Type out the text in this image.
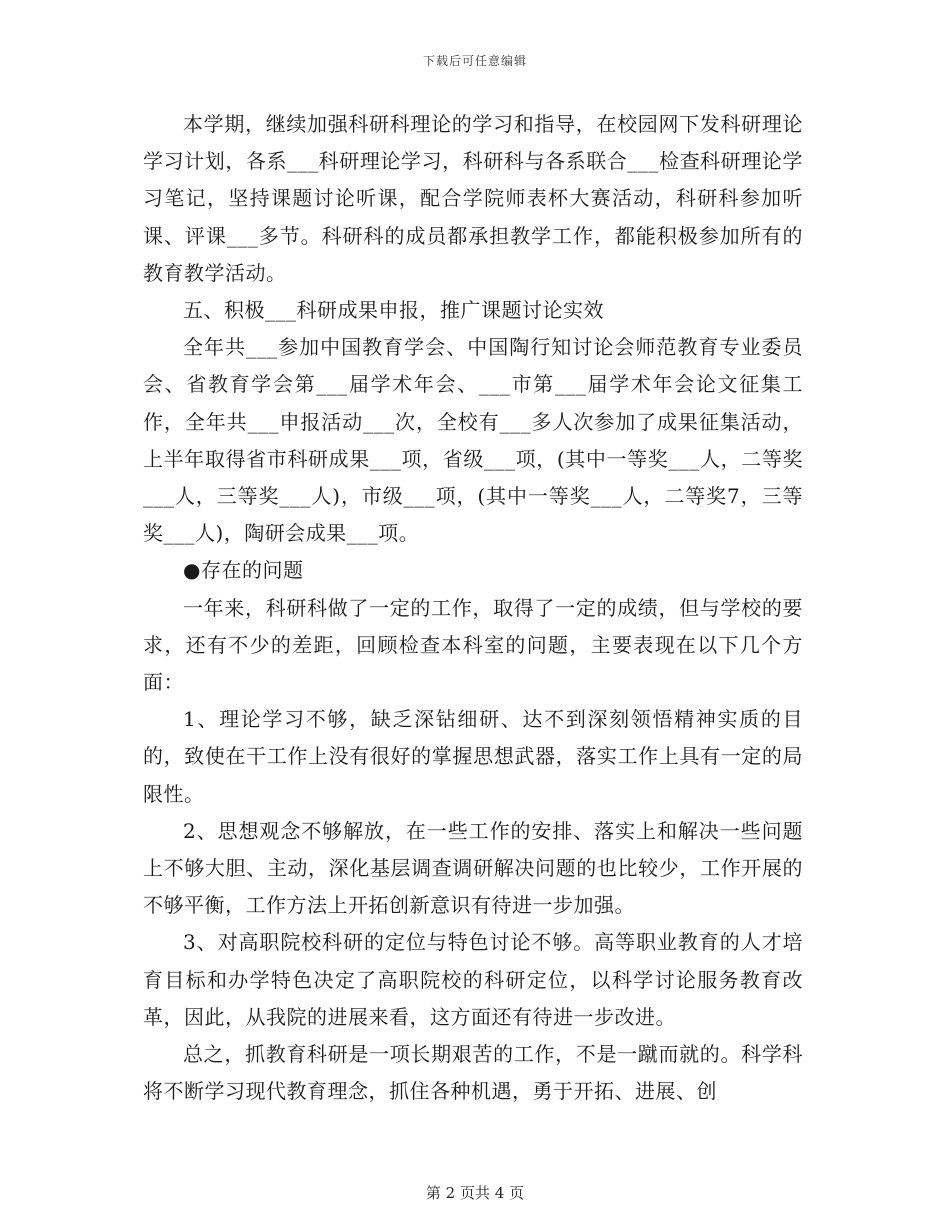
下载后可任意编辑

本学期，继续加强科研科理论的学习和指导，在校园网下发科研理论学习计划，各系___科研理论学习，科研科与各系联合___检查科研理论学习笔记，坚持课题讨论听课，配合学院师表杯大赛活动，科研科参加听课、评课___多节。科研科的成员都承担教学工作，都能积极参加所有的教育教学活动。

五、积极___科研成果申报，推广课题讨论实效

全年共___参加中国教育学会、中国陶行知讨论会师范教育专业委员会、省教育学会第___届学术年会、___市第___届学术年会论文征集工作，全年共___申报活动___次，全校有___多人次参加了成果征集活动，上半年取得省市科研成果___项，省级___项，(其中一等奖___人，二等奖___人，三等奖___人)，市级___项，(其中一等奖___人，二等奖7，三等奖___人)，陶研会成果___项。

●存在的问题

一年来，科研科做了一定的工作，取得了一定的成绩，但与学校的要求，还有不少的差距，回顾检查本科室的问题，主要表现在以下几个方面：

1、理论学习不够，缺乏深钻细研、达不到深刻领悟精神实质的目的，致使在干工作上没有很好的掌握思想武器，落实工作上具有一定的局限性。

2、思想观念不够解放，在一些工作的安排、落实上和解决一些问题上不够大胆、主动，深化基层调查调研解决问题的也比较少，工作开展的不够平衡，工作方法上开拓创新意识有待进一步加强。

3、对高职院校科研的定位与特色讨论不够。高等职业教育的人才培育目标和办学特色决定了高职院校的科研定位，以科学讨论服务教育改革，因此，从我院的进展来看，这方面还有待进一步改进。

总之，抓教育科研是一项长期艰苦的工作，不是一蹴而就的。科学科将不断学习现代教育理念，抓住各种机遇，勇于开拓、进展、创

第 2 页共 4 页
